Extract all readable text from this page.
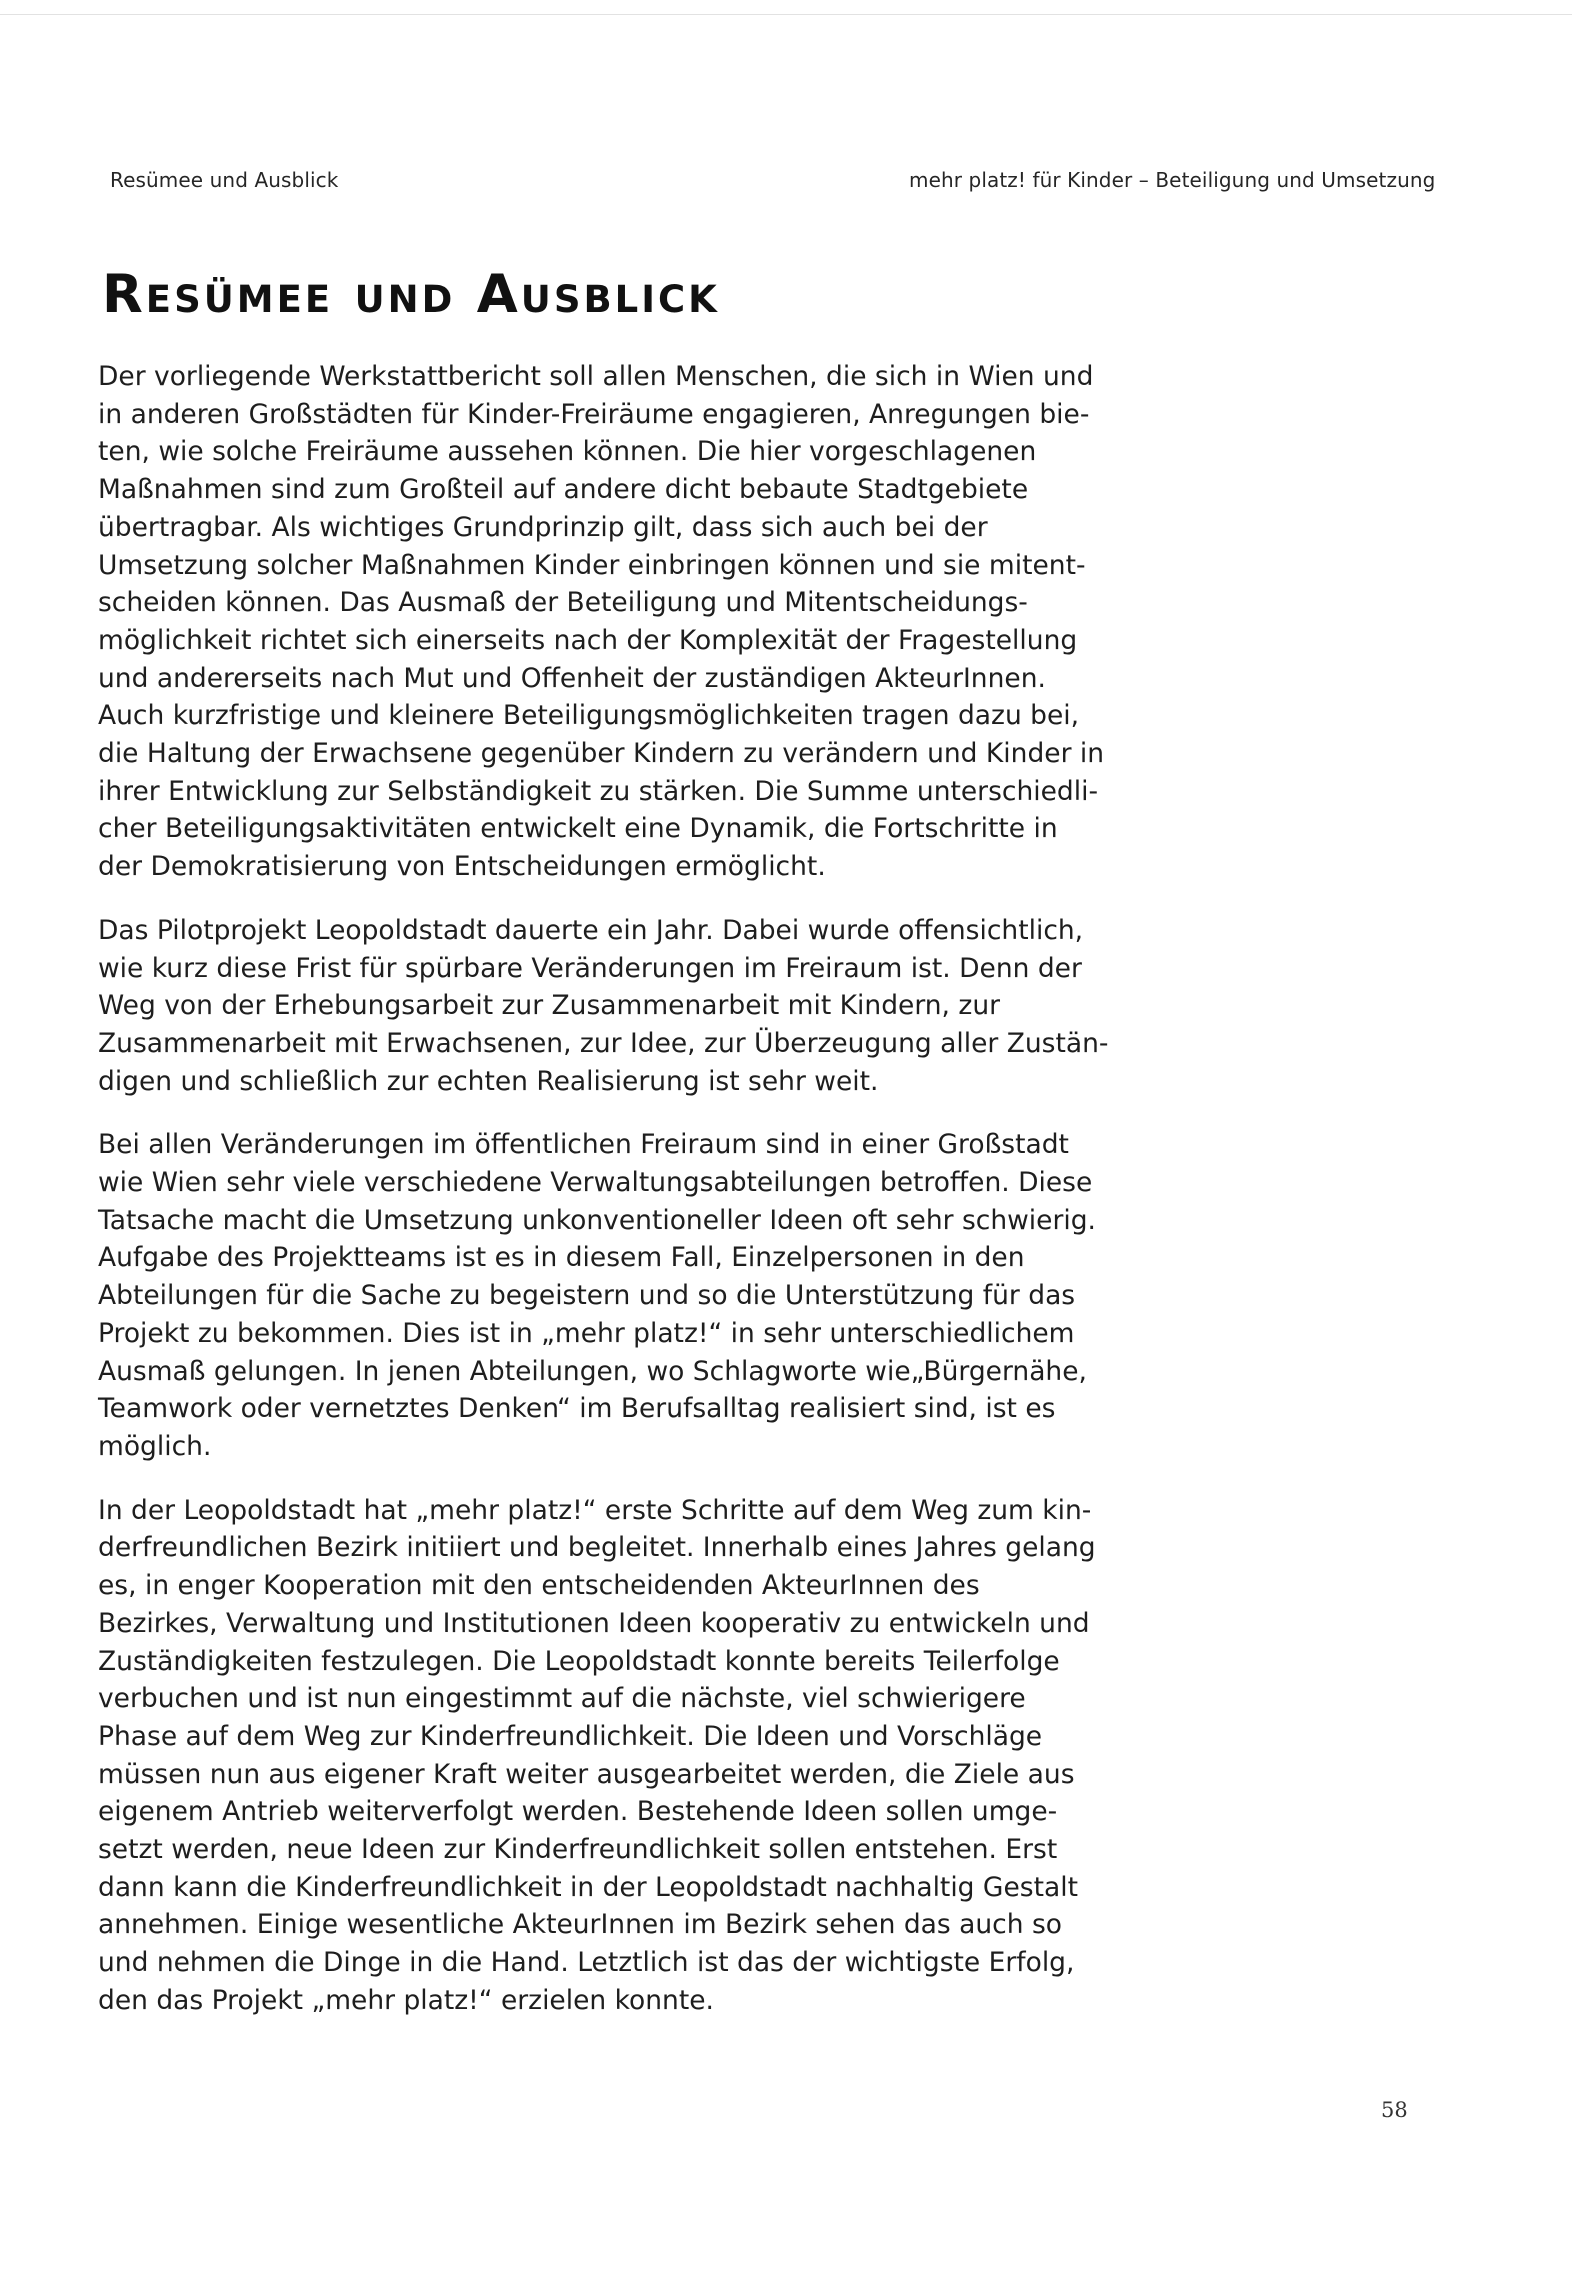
Resümee und Ausblick	mehr platz! für Kinder – Beteiligung und Umsetzung
Resümee und Ausblick

Der vorliegende Werkstattbericht soll allen Menschen, die sich in Wien und
in anderen Großstädten für Kinder-Freiräume engagieren, Anregungen bie-
ten, wie solche Freiräume aussehen können. Die hier vorgeschlagenen
Maßnahmen sind zum Großteil auf andere dicht bebaute Stadtgebiete
übertragbar. Als wichtiges Grundprinzip gilt, dass sich auch bei der
Umsetzung solcher Maßnahmen Kinder einbringen können und sie mitent-
scheiden können. Das Ausmaß der Beteiligung und Mitentscheidungs-
möglichkeit richtet sich einerseits nach der Komplexität der Fragestellung
und andererseits nach Mut und Offenheit der zuständigen AkteurInnen.
Auch kurzfristige und kleinere Beteiligungsmöglichkeiten tragen dazu bei,
die Haltung der Erwachsene gegenüber Kindern zu verändern und Kinder in
ihrer Entwicklung zur Selbständigkeit zu stärken. Die Summe unterschiedli-
cher Beteiligungsaktivitäten entwickelt eine Dynamik, die Fortschritte in
der Demokratisierung von Entscheidungen ermöglicht.

Das Pilotprojekt Leopoldstadt dauerte ein Jahr. Dabei wurde offensichtlich,
wie kurz diese Frist für spürbare Veränderungen im Freiraum ist. Denn der
Weg von der Erhebungsarbeit zur Zusammenarbeit mit Kindern, zur
Zusammenarbeit mit Erwachsenen, zur Idee, zur Überzeugung aller Zustän-
digen und schließlich zur echten Realisierung ist sehr weit.

Bei allen Veränderungen im öffentlichen Freiraum sind in einer Großstadt
wie Wien sehr viele verschiedene Verwaltungsabteilungen betroffen. Diese
Tatsache macht die Umsetzung unkonventioneller Ideen oft sehr schwierig.
Aufgabe des Projektteams ist es in diesem Fall, Einzelpersonen in den
Abteilungen für die Sache zu begeistern und so die Unterstützung für das
Projekt zu bekommen. Dies ist in „mehr platz!“ in sehr unterschiedlichem
Ausmaß gelungen. In jenen Abteilungen, wo Schlagworte wie„Bürgernähe,
Teamwork oder vernetztes Denken“ im Berufsalltag realisiert sind, ist es
möglich.

In der Leopoldstadt hat „mehr platz!“ erste Schritte auf dem Weg zum kin-
derfreundlichen Bezirk initiiert und begleitet. Innerhalb eines Jahres gelang
es, in enger Kooperation mit den entscheidenden AkteurInnen des
Bezirkes, Verwaltung und Institutionen Ideen kooperativ zu entwickeln und
Zuständigkeiten festzulegen. Die Leopoldstadt konnte bereits Teilerfolge
verbuchen und ist nun eingestimmt auf die nächste, viel schwierigere
Phase auf dem Weg zur Kinderfreundlichkeit. Die Ideen und Vorschläge
müssen nun aus eigener Kraft weiter ausgearbeitet werden, die Ziele aus
eigenem Antrieb weiterverfolgt werden. Bestehende Ideen sollen umge-
setzt werden, neue Ideen zur Kinderfreundlichkeit sollen entstehen. Erst
dann kann die Kinderfreundlichkeit in der Leopoldstadt nachhaltig Gestalt
annehmen. Einige wesentliche AkteurInnen im Bezirk sehen das auch so
und nehmen die Dinge in die Hand. Letztlich ist das der wichtigste Erfolg,
den das Projekt „mehr platz!“ erzielen konnte.

58
